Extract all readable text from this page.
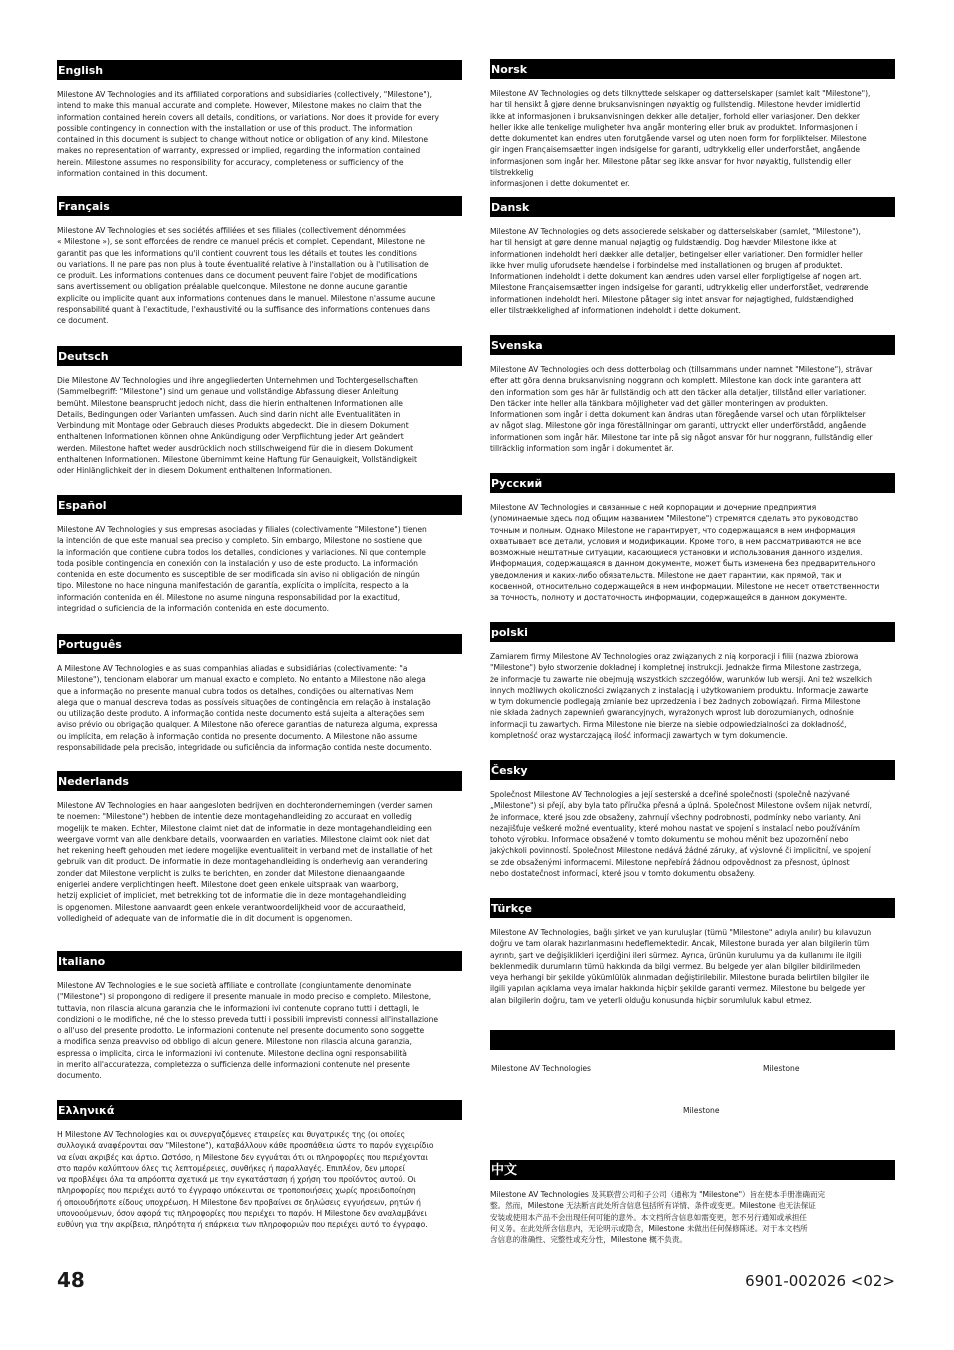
English
Milestone AV Technologies and its affiliated corporations and subsidiaries (collectively, "Milestone"),
intend to make this manual accurate and complete. However, Milestone makes no claim that the
information contained herein covers all details, conditions, or variations. Nor does it provide for every
possible contingency in connection with the installation or use of this product. The information
contained in this document is subject to change without notice or obligation of any kind. Milestone
makes no representation of warranty, expressed or implied, regarding the information contained
herein. Milestone assumes no responsibility for accuracy, completeness or sufficiency of the
information contained in this document.
Français
Milestone AV Technologies et ses sociétés affiliées et ses filiales (collectivement dénommées
« Milestone »), se sont efforcées de rendre ce manuel précis et complet. Cependant, Milestone ne
garantit pas que les informations qu'il contient couvrent tous les détails et toutes les conditions
ou variations. Il ne pare pas non plus à toute éventualité relative à l'installation ou à l'utilisation de
ce produit. Les informations contenues dans ce document peuvent faire l'objet de modifications
sans avertissement ou obligation préalable quelconque. Milestone ne donne aucune garantie
explicite ou implicite quant aux informations contenues dans le manuel. Milestone n'assume aucune
responsabilité quant à l'exactitude, l'exhaustivité ou la suffisance des informations contenues dans
ce document.
Deutsch
Die Milestone AV Technologies und ihre angegliederten Unternehmen und Tochtergesellschaften
(Sammelbegriff: "Milestone") sind um genaue und vollständige Abfassung dieser Anleitung
bemüht. Milestone beansprucht jedoch nicht, dass die hierin enthaltenen Informationen alle
Details, Bedingungen oder Varianten umfassen. Auch sind darin nicht alle Eventualitäten in
Verbindung mit Montage oder Gebrauch dieses Produkts abgedeckt. Die in diesem Dokument
enthaltenen Informationen können ohne Ankündigung oder Verpflichtung jeder Art geändert
werden. Milestone haftet weder ausdrücklich noch stillschweigend für die in diesem Dokument
enthaltenen Informationen. Milestone übernimmt keine Haftung für Genauigkeit, Vollständigkeit
oder Hinlänglichkeit der in diesem Dokument enthaltenen Informationen.
Español
Milestone AV Technologies y sus empresas asociadas y filiales (colectivamente "Milestone") tienen
la intención de que este manual sea preciso y completo. Sin embargo, Milestone no sostiene que
la información que contiene cubra todos los detalles, condiciones y variaciones. Ni que contemple
toda posible contingencia en conexión con la instalación y uso de este producto. La información
contenida en este documento es susceptible de ser modificada sin aviso ni obligación de ningún
tipo. Milestone no hace ninguna manifestación de garantía, explícita o implícita, respecto a la
información contenida en él. Milestone no asume ninguna responsabilidad por la exactitud,
integridad o suficiencia de la información contenida en este documento.
Português
A Milestone AV Technologies e as suas companhias aliadas e subsidiárias (colectivamente: "a
Milestone"), tencionam elaborar um manual exacto e completo. No entanto a Milestone não alega
que a informação no presente manual cubra todos os detalhes, condições ou alternativas Nem
alega que o manual descreva todas as possíveis situações de contingência em relação à instalação
ou utilização deste produto. A informação contida neste documento está sujeita a alterações sem
aviso prévio ou obrigação qualquer. A Milestone não oferece garantias de natureza alguma, expressa
ou implícita, em relação à informação contida no presente documento. A Milestone não assume
responsabilidade pela precisão, integridade ou suficiência da informação contida neste documento.
Nederlands
Milestone AV Technologies en haar aangesloten bedrijven en dochterondernemingen (verder samen
te noemen: "Milestone") hebben de intentie deze montagehandleiding zo accuraat en volledig
mogelijk te maken. Echter, Milestone claimt niet dat de informatie in deze montagehandleiding een
weergave vormt van alle denkbare details, voorwaarden en variaties. Milestone claimt ook niet dat
het rekening heeft gehouden met iedere mogelijke eventualiteit in verband met de installatie of het
gebruik van dit product. De informatie in deze montagehandleiding is onderhevig aan verandering
zonder dat Milestone verplicht is zulks te berichten, en zonder dat Milestone dienaangaande
enigerlei andere verplichtingen heeft. Milestone doet geen enkele uitspraak van waarborg,
hetzij expliciet of impliciet, met betrekking tot de informatie die in deze montagehandleiding
is opgenomen. Milestone aanvaardt geen enkele verantwoordelijkheid voor de accuraatheid,
volledigheid of adequate van de informatie die in dit document is opgenomen.
Italiano
Milestone AV Technologies e le sue società affiliate e controllate (congiuntamente denominate
("Milestone") si propongono di redigere il presente manuale in modo preciso e completo. Milestone,
tuttavia, non rilascia alcuna garanzia che le informazioni ivi contenute coprano tutti i dettagli, le
condizioni o le modifiche, né che lo stesso preveda tutti i possibili imprevisti connessi all'installazione
o all'uso del presente prodotto. Le informazioni contenute nel presente documento sono soggette
a modifica senza preavviso od obbligo di alcun genere. Milestone non rilascia alcuna garanzia,
espressa o implicita, circa le informazioni ivi contenute. Milestone declina ogni responsabilità
in merito all'accuratezza, completezza o sufficienza delle informazioni contenute nel presente
documento.
Ελληνικά
Η Milestone AV Technologies και οι συνεργαζόμενες εταιρείες και θυγατρικές της (οι οποίες
συλλογικά αναφέρονται σαν "Milestone"), καταβάλλουν κάθε προσπάθεια ώστε το παρόν εγχειρίδιο
να είναι ακριβές και άρτιο. Ωστόσο, η Milestone δεν εγγυάται ότι οι πληροφορίες που περιέχονται
στο παρόν καλύπτουν όλες τις λεπτομέρειες, συνθήκες ή παραλλαγές. Επιπλέον, δεν μπορεί
να προβλέψει όλα τα απρόοπτα σχετικά με την εγκατάσταση ή χρήση του προϊόντος αυτού. Οι
πληροφορίες που περιέχει αυτό το έγγραφο υπόκεινται σε τροποποιήσεις χωρίς προειδοποίηση
ή οποιουδήποτε είδους υποχρέωση. Η Milestone δεν προβαίνει σε δηλώσεις εγγυήσεων, ρητών ή
υπονοούμενων, όσον αφορά τις πληροφορίες που περιέχει το παρόν. Η Milestone δεν αναλαμβάνει
ευθύνη για την ακρίβεια, πληρότητα ή επάρκεια των πληροφοριών που περιέχει αυτό το έγγραφο.
Norsk
Milestone AV Technologies og dets tilknyttede selskaper og datterselskaper (samlet kalt "Milestone"),
har til hensikt å gjøre denne bruksanvisningen nøyaktig og fullstendig. Milestone hevder imidlertid
ikke at informasjonen i bruksanvisningen dekker alle detaljer, forhold eller variasjoner. Den dekker
heller ikke alle tenkelige muligheter hva angår montering eller bruk av produktet. Informasjonen i
dette dokumentet kan endres uten forutgående varsel og uten noen form for forpliktelser. Milestone
gir ingen Franςaisemsætter ingen indsigelse for garanti, udtrykkelig eller underforstået, angående
informasjonen som ingår her. Milestone påtar seg ikke ansvar for hvor nøyaktig, fullstendig eller tilstrekkelig
informasjonen i dette dokumentet er.
Dansk
Milestone AV Technologies og dets associerede selskaber og datterselskaber (samlet, "Milestone"),
har til hensigt at gøre denne manual nøjagtig og fuldstændig. Dog hævder Milestone ikke at
informationen indeholdt heri dækker alle detaljer, betingelser eller variationer. Den formidler heller
ikke hver mulig uforudsete hændelse i forbindelse med installationen og brugen af produktet.
Informationen indeholdt i dette dokument kan ændres uden varsel eller forpligtigelse af nogen art.
Milestone Franςaisemsætter ingen indsigelse for garanti, udtrykkelig eller underforstået, vedrørende
informationen indeholdt heri. Milestone påtager sig intet ansvar for nøjagtighed, fuldstændighed
eller tilstrækkelighed af informationen indeholdt i dette dokument.
Svenska
Milestone AV Technologies och dess dotterbolag och (tillsammans under namnet "Milestone"), strävar
efter att göra denna bruksanvisning noggrann och komplett. Milestone kan dock inte garantera att
den information som ges här är fullständig och att den täcker alla detaljer, tillstånd eller variationer.
Den täcker inte heller alla tänkbara möjligheter vad det gäller monteringen av produkten.
Informationen som ingår i detta dokument kan ändras utan föregående varsel och utan förpliktelser
av något slag. Milestone gör inga föreställningar om garanti, uttryckt eller underförstådd, angående
informationen som ingår här. Milestone tar inte på sig något ansvar för hur noggrann, fullständig eller
tillräcklig information som ingår i dokumentet är.
Русский
Milestone AV Technologies и связанные с ней корпорации и дочерние предприятия
(упоминаемые здесь под общим названием "Milestone") стремятся сделать это руководство
точным и полным. Однако Milestone не гарантирует, что содержащаяся в нем информация
охватывает все детали, условия и модификации. Кроме того, в нем рассматриваются не все
возможные нештатные ситуации, касающиеся установки и использования данного изделия.
Информация, содержащаяся в данном документе, может быть изменена без предварительного
уведомления и каких-либо обязательств. Milestone не дает гарантии, как прямой, так и
косвенной, относительно содержащейся в нем информации. Milestone не несет ответственности
за точность, полноту и достаточность информации, содержащейся в данном документе.
polski
Zamiarem firmy Milestone AV Technologies oraz związanych z nią korporacji i filii (nazwa zbiorowa
"Milestone") było stworzenie dokładnej i kompletnej instrukcji. Jednakże firma Milestone zastrzega,
że informacje tu zawarte nie obejmują wszystkich szczegółów, warunków lub wersji. Ani też wszelkich
innych możliwych okoliczności związanych z instalacją i użytkowaniem produktu. Informacje zawarte
w tym dokumencie podlegają zmianie bez uprzedzenia i bez żadnych zobowiązań. Firma Milestone
nie składa żadnych zapewnień gwarancyjnych, wyrażonych wprost lub dorozumianych, odnośnie
informacji tu zawartych. Firma Milestone nie bierze na siebie odpowiedzialności za dokładność,
kompletność oraz wystarczającą ilość informacji zawartych w tym dokumencie.
Česky
Společnost Milestone AV Technologies a její sesterské a dceřiné společnosti (společně nazývané
„Milestone") si přejí, aby byla tato příručka přesná a úplná. Společnost Milestone ovšem nijak netvrdí,
že informace, které jsou zde obsaženy, zahrnují všechny podrobnosti, podmínky nebo varianty. Ani
nezajišťuje veškeré možné eventuality, které mohou nastat ve spojení s instalací nebo používáním
tohoto výrobku. Informace obsažené v tomto dokumentu se mohou měnit bez upozornění nebo
jakýchkoli povinností. Společnost Milestone nedává žádné záruky, ať výslovné či implicitní, ve spojení
se zde obsaženými informacemi. Milestone nepřebírá žádnou odpovědnost za přesnost, úplnost
nebo dostatečnost informací, které jsou v tomto dokumentu obsaženy.
Türkçe
Milestone AV Technologies, bağlı şirket ve yan kuruluşlar (tümü "Milestone" adıyla anılır) bu kılavuzun
doğru ve tam olarak hazırlanmasını hedeflemektedir. Ancak, Milestone burada yer alan bilgilerin tüm
ayrıntı, şart ve değişiklikleri içerdiğini ileri sürmez. Ayrıca, ürünün kurulumu ya da kullanımı ile ilgili
beklenmedik durumların tümü hakkında da bilgi vermez. Bu belgede yer alan bilgiler bildirilmeden
veya herhangi bir şekilde yükümlülük alınmadan değiştirilebilir. Milestone burada belirtilen bilgiler ile
ilgili yapılan açıklama veya imalar hakkında hiçbir şekilde garanti vermez. Milestone bu belgede yer
alan bilgilerin doğru, tam ve yeterli olduğu konusunda hiçbir sorumluluk kabul etmez.
Milestone AV Technologies	Milestone
Milestone
中文
Milestone AV Technologies 及其联营公司和子公司（通称为 "Milestone"）旨在使本手册准确而完
整。然而，Milestone 无法断言此处所含信息包括所有详情、条件或变更。Milestone 也无法保证
安装或使用本产品不会出现任何可能的意外。本文档所含信息如需变更，恕不另行通知或承担任
何义务。在此处所含信息内，无论明示或隐含，Milestone 未做出任何保修陈述。对于本文档所
含信息的准确性、完整性或充分性，Milestone 概不负责。
48	6901-002026 <02>
